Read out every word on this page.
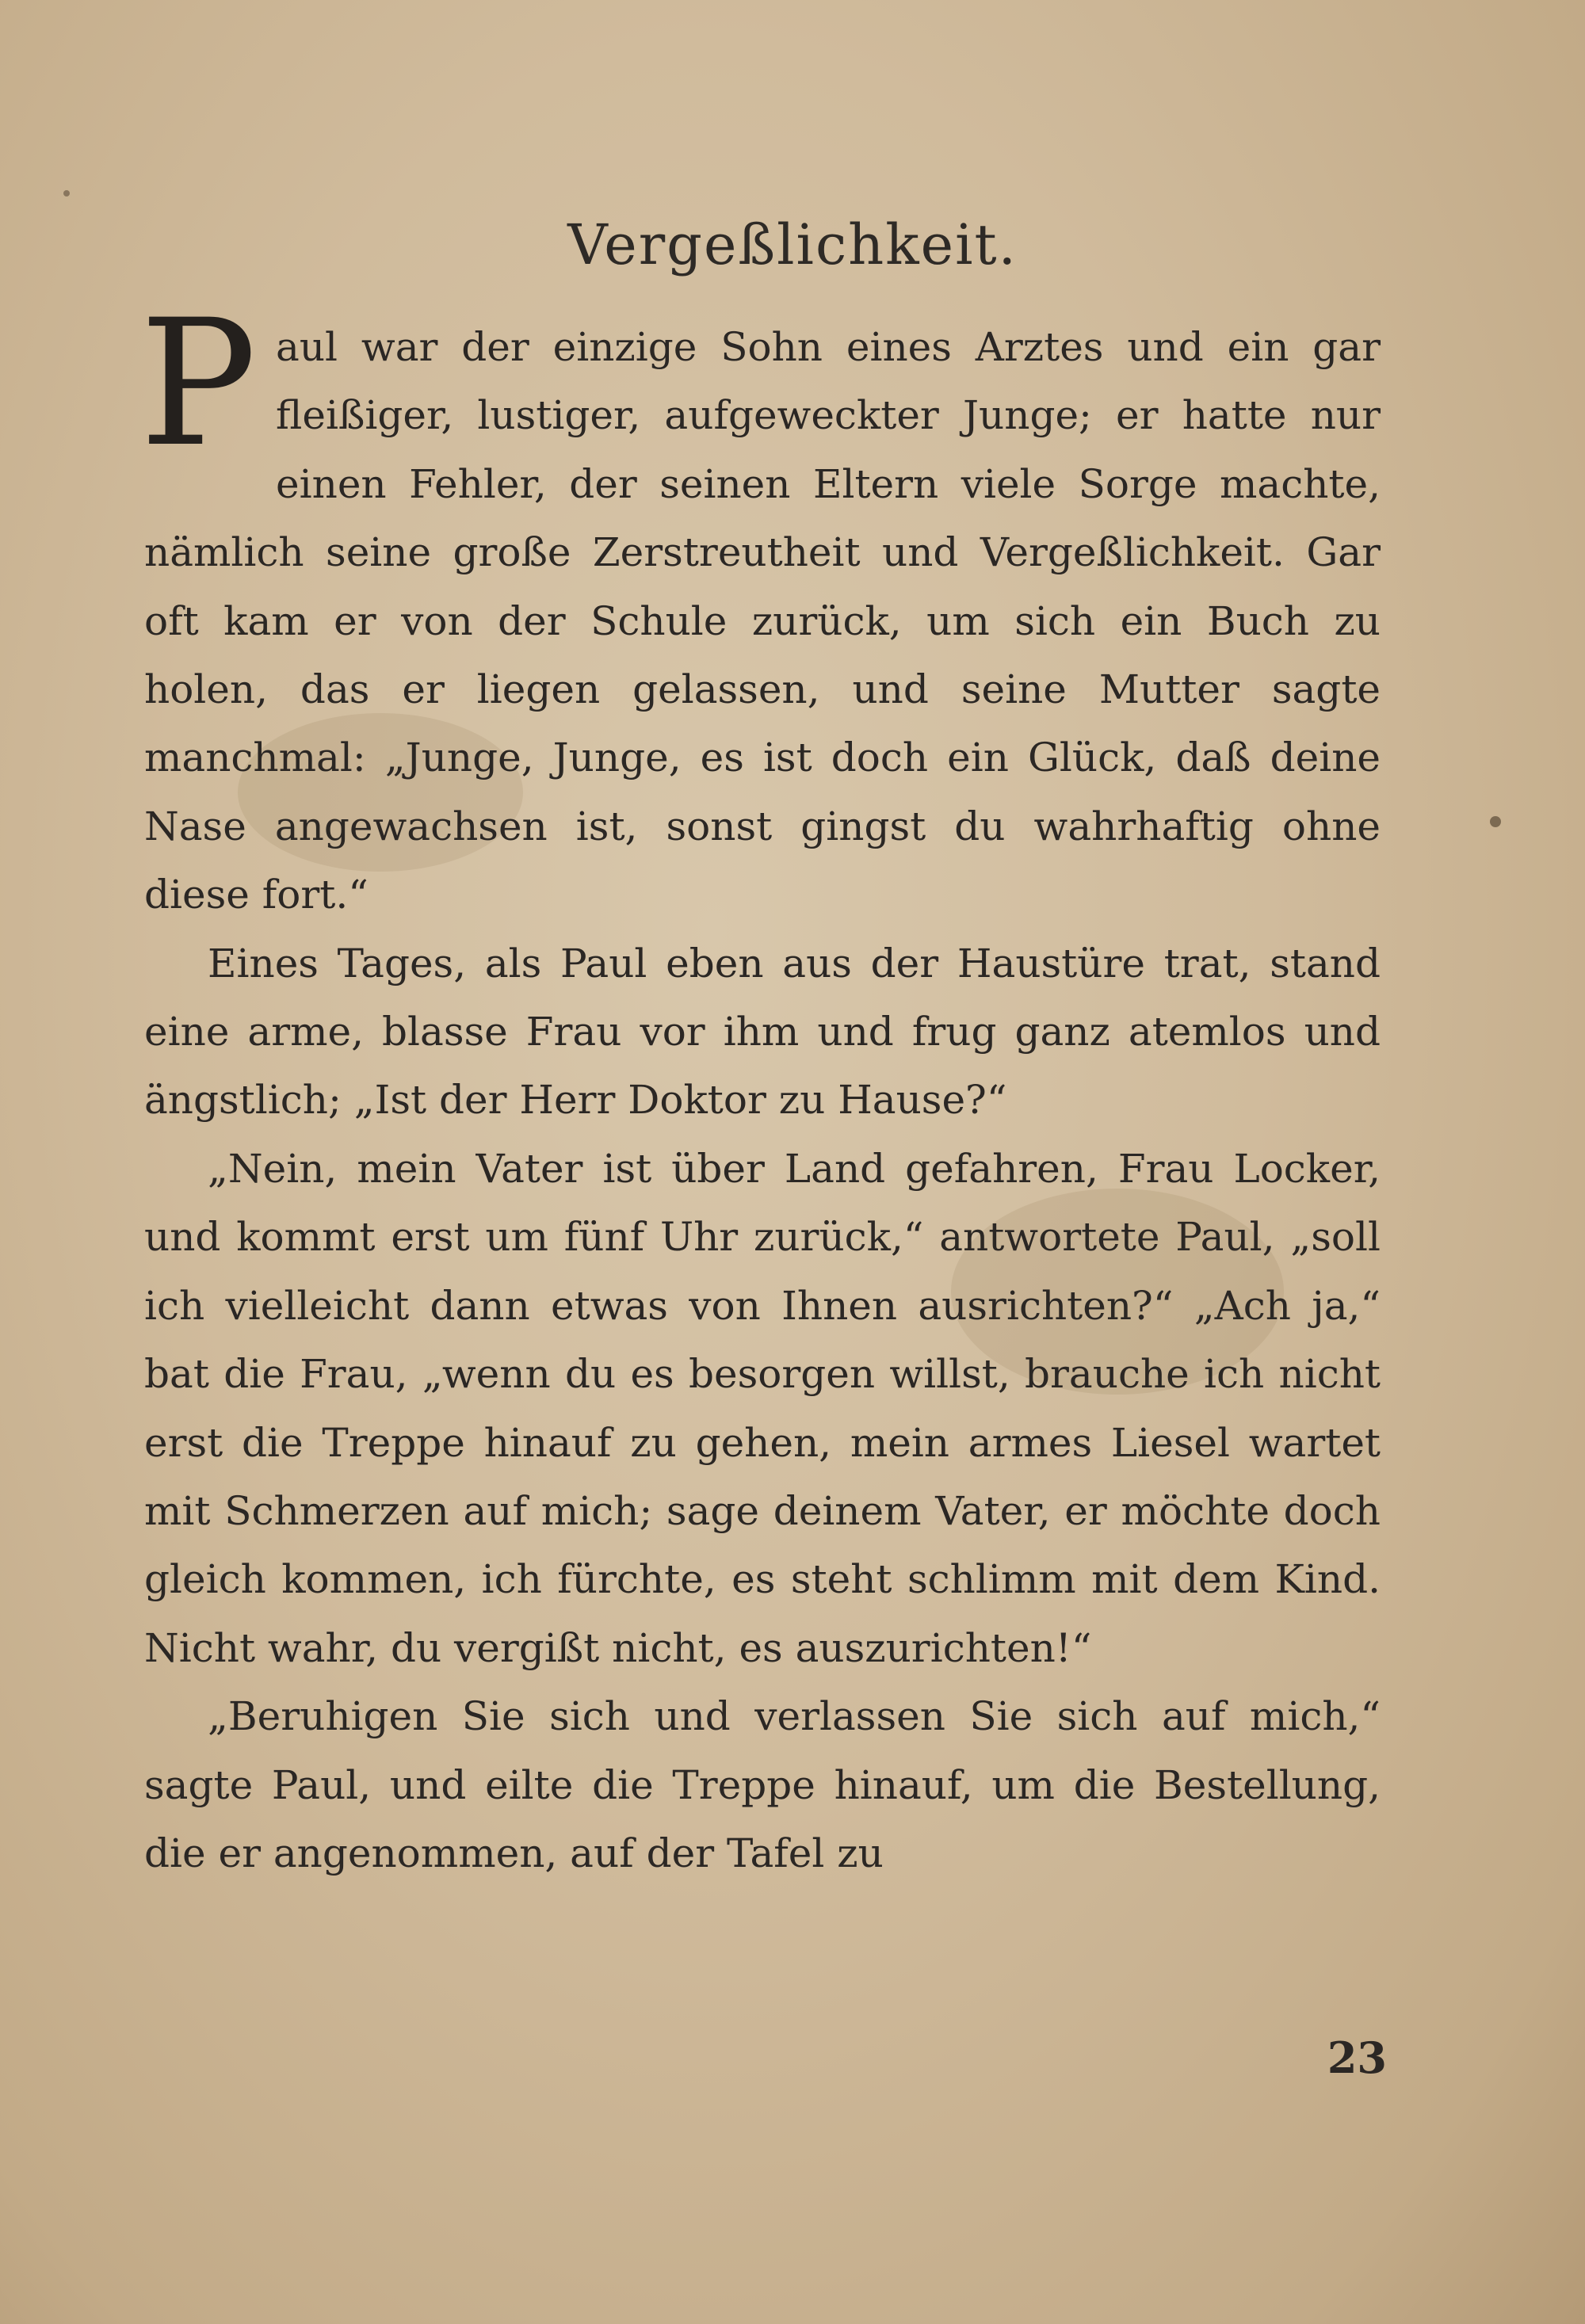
Vergeßlichkeit.

P aul war der einzige Sohn eines Arztes und ein gar fleißiger, lustiger, aufgeweckter Junge; er hatte nur einen Fehler, der seinen Eltern viele Sorge machte, nämlich seine große Zerstreutheit und Vergeßlichkeit. Gar oft kam er von der Schule zurück, um sich ein Buch zu holen, das er liegen gelassen, und seine Mutter sagte manchmal: „Junge, Junge, es ist doch ein Glück, daß deine Nase angewachsen ist, sonst gingst du wahrhaftig ohne diese fort.“

Eines Tages, als Paul eben aus der Haustüre trat, stand eine arme, blasse Frau vor ihm und frug ganz atemlos und ängstlich; „Ist der Herr Doktor zu Hause?“

„Nein, mein Vater ist über Land gefahren, Frau Locker, und kommt erst um fünf Uhr zurück,“ antwortete Paul, „soll ich vielleicht dann etwas von Ihnen ausrichten?“ „Ach ja,“ bat die Frau, „wenn du es besorgen willst, brauche ich nicht erst die Treppe hinauf zu gehen, mein armes Liesel wartet mit Schmerzen auf mich; sage deinem Vater, er möchte doch gleich kommen, ich fürchte, es steht schlimm mit dem Kind. Nicht wahr, du vergißt nicht, es auszurichten!“

„Beruhigen Sie sich und verlassen Sie sich auf mich,“ sagte Paul, und eilte die Treppe hinauf, um die Bestellung, die er angenommen, auf der Tafel zu

23
